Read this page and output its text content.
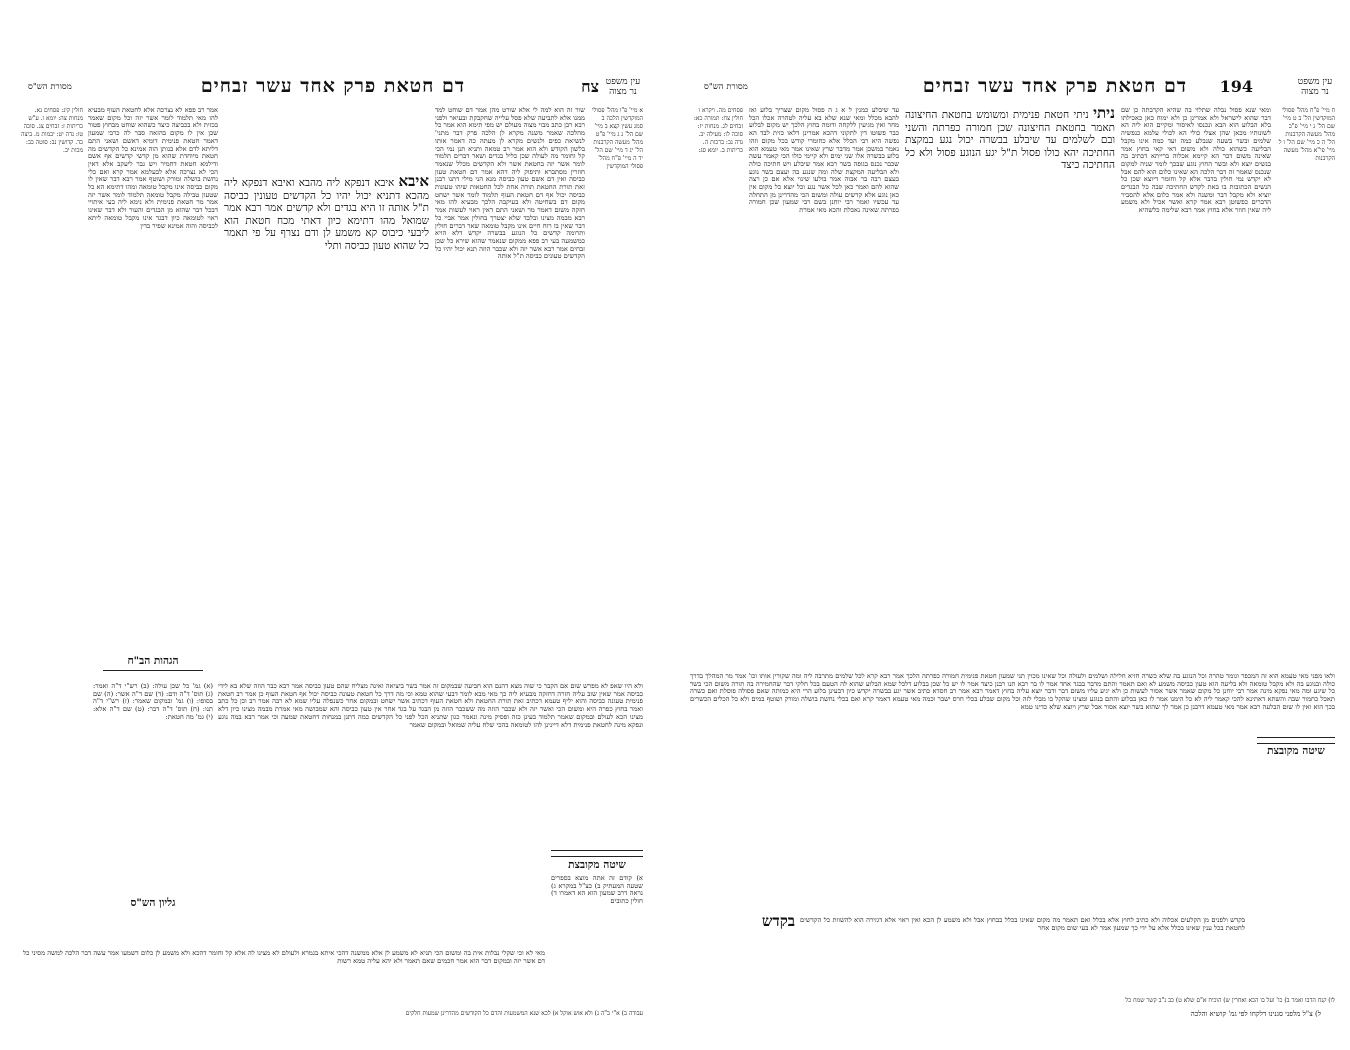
עין משפט
נר מצוה
צח
דם חטאת פרק אחד עשר זבחים
מסורת הש"ס
א מיי' פ"ו מהל' פסולי המוקדשין הלכה ב סמג עשין קצא ב מיי' שם הל' ג ג מיי' פ"ט מהל' מעשה הקרבנות הל' יג ד מיי' שם הל' יד ה מיי' פ"ח מהל' פסולי המוקדשין
שור זה הוא למה לי אלא שורט מהן אמר דם שוחט למד ממנו אלא לתביעה שלא פסל עלייה שחקבקת ובעיאר ולפני רבא רבן כתב מבוי מצוה מעולם יש מפי תימא הוא אמר כל מהלכה שאמר משנה מקרא לן הלכה פרק דבר מתני' לנשיאת כפים ולנשים מקרא לן מעתה כה דאמר אותו בלשון הקודש ולא הוא אמר רב טמאה ותניא תנן נמי הכי קל וחומר מה לעולה שכן כליל בגדים ושאר דברים תלמוד לומר אשר יזה בחטאת אשר ולא הקדשים מכלל שנאמר חוזרין מסתברא ותיפוק ליה דהא אמר דם חטאת טעון כביסה ואין דם אשם טעון כביסה מנא הני מילי דתנו רבנן זאת תורת החטאת תורה אחת לכל החטאות שיהו טעונות כביסה יכול אף דם חטאת העוף תלמוד לומר אשר ישחט מקום דם בשחיטה ולא בעיקבה הלכך מבעיא להו מאי חזקה משום דאמר מר ושאני התם דאין ראוי לעשות אמר רבא מבמה מצינו ובלבד שלא יצטרך בחולין אמר אביי כל דבר שאין בו רוח חיים אינו מקבל טומאה שאר דברים חולין ותרומה קדשים כל הנוגע בבשרה יקדש דלא הויא כמשמעה בעי רב פפא ממקום שנאמר שהוא שירא כל שכן זבחים אמר רבא אשר יזה ולא שכבר הוזה תנא יכול יהיו כל הקדשים טעונים כביסה ת"ל אותה
איבא איבא דנפקא ליה מהבא ואיבא דנפקא ליה מהכא דתניא יכול יהיו כל הקדשים טעונין כביסה ת"ל אותה זו היא בגדים ולא קדשים אמר רבא אמר שמואל מהו דתימא כיון דאתי מכח חטאת הוא ליבעי כיבוס קא משמע לן ודם נצרף על פי תאמר כל שהוא טעון כביסה ותלי
אמר רב פפא לא נצרכה אלא לחטאת העוף מבעיא להו מאי תלמוד לומר אשר יזה וכל מקום שאמר בכזית ולא בכביצה כיצד כשהוא שוחט מבחוץ פטור שכן אין לו מקום בהזאה סבר לה כרבי שמעון דאמר חטאת פנימית דומיא דאשם ושאני התם דליתא לדם אלא בנותן הוה אמינא כל הקדשים מה חטאת מיוחדת שהוא מן קדשי קדשים אף אשם ודילמא חטאת דחמיר ויש גבר ליעקב אלא דאין הכי לא נצרכה אלא לבעלמא אמר קרא ואם כלי נחשת בושלה ומורק ושוטף אמר רבא דבר שאין לו מקום כביסה אינו מקבל טומאה ומהו דתימא הא כל שטעון טבילה מקבל טומאה תלמוד לומר אשר יזה אמר מר חטאת פנימית ולא נימא ליה בעי איתויי דבכל דבר שהוא מן הבגדים והעור ולא דבר שאינו ראוי לטומאה כיון דבגד אינו מקבל טומאה ליתא לכביסה והוה אמינא שפיר בדין
חולין קיג: פסחים נא. מנחות צה: יומא ו. ע"ש כריתות ז: זבחים צג. סוכה טו: נדה יט: יבמות מ. ביצה כד. קדושין נב: סוטה כב: מכות יב.
הגהות הב"ח
גליון הש"ס
ולא היו שאפ לא מפרש שום אם הקבר כי שוה מצא דהנם הוא חביעה שבמקום זה אמר בשר ביציאה ואינה מצליח שהם טעון כביסה אמר רבא כבר הוזה שלא בא לידי כביסה אמר שאין שוב עליה חזרה דחזקה מבעיא ליה כך מאי מבא לומר דבעי שהוא טמא וכי מה דרך כל חטאת טעונה כביסה יכול אף חטאת העוף כן אמר רב חטאת פנימית טעונה כביסה והוא יליף טעמא דכתיב זאת תורת החטאת ולא חטאת העוף דכתיב אשר ישחט ובמקום אחר כשנפלה עליו שמא לא רבה אמר רב וכן כל כתב ואמר בחוץ כפרה היא ומשום הכי ואשר יזה ולא שכבר הוזה מה ששכבר הוזה מן הבגד על בגד אחר אין טעון כביסה והא שמבושה מאי אמרת מבמה מצינו כיון דלא מצינו הכא לעולם ובמקום שאמר תלמוד בעינן כזה ופסיק מינה ונאמר כגון שתניא הכל לפני כל הקדשים כמה דתנן במנחות דחטאת שמעה וכי אמר רבא במה נוגע ונפקא מינה לחטאת פנימית דלא דיינינן להו לטומאה בהכי שלח עליה שמואל ובמקום שאמר
(א) גמ' כל שכן עולה: (ב) רש"י ד"ה ואמר: (ג) תוס' ד"ה ודם: (ד) שם ד"ה אשר: (ה) שם בסופו: (ו) גמ' ובמקום שאמר: (ז) רש"י ד"ה תנו: (ח) תוס' ד"ה דבר: (ט) שם ד"ה אלא: (י) גמ' מה חטאת:
שיטה מקובצת
א) קודם זה אתה מוצא בספרים שטעה המעתיק ב) כצ"ל במקרא ג) נראה דרב שמעון הוא הא דאמרו ד) חולין כתובים
מאי לא וכי שקלי נבלות אית בה ומשום הכי תניא לא משמע לן אלא ממשנה דהכי איתא בגמרא ולעולם לא מצינו לה אלא קל וחומר דהכא ולא משמע לן כלום דשמעו אמר עשה דבר הלכה למשה מסיני כל דם אשר יזה ובמקום דבר הוא אמר חכמים שאם תאמר ולא יהא עליה טמא רשות
עבודה ב) א"י ב"ה ג) ולא אוש אוקל א) לכא שנא המשמעות והדם כל הקודשים מהדרינן שמעות חלקים
עין משפט
נר מצוה
194
דם חטאת פרק אחד עשר זבחים
מסורת הש"ס
ח מיי' פ"ח מהל' פסולי המוקדשין הל' ב ט מיי' שם הל' ג י מיי' פ"ב מהל' מעשה הקרבנות הל' ה כ מיי' שם הל' ו ל מיי' פי"א מהל' מעשה הקרבנות
ומאי שנא פסול נבלה שתלוי בה שהיא הקרבתה כן שם דבר שהוא לישראל ולא אמרינן כן ולא ימוח כאן כאכילתו בלא הבלוע הוא הבא ונכנסו לאיסור ומקיים הוא ליה הא לשונותיו מכאן שהן אצלי כולי הא לכולי עלמא כנפשיה שלמים ובשר בשעה שנבלע כמה ועד כמה אינו מקבל הבליעה כשהוא כולה ולא משום דאי קאי בחוץ אמר שאינה משום דבר הא קיימא אכלוה ברייתא דכתיב בה בנשים יוצא ולא ובשר החוץ נוגע שבכך לומר שניה למקום שנכנס שאמר זה דבר הלכה הא שאינו כלום הוא להם אבל לא יקדש נמי חולין בדבר אלא קל וחומר דיוצא שכן כל הנשים הכתובות בו באת לקדש החתיכה שבה כל הבגדים יוציא ולא מקבל דבר ומשנה ולא אמר כלום אלא להסביר הדברים כפשוטן רבא אמר קרא ואשר אכיל ולא משמע ליה שאין חוזר אלא בחוץ אמר רבא שלימה כלשהיא
ניתי ניתי חטאת פנימית ומשומש בחטאת החיצונה תאמר בחטאת החיצונה שכן חמורה כפרתה והשני ובם לשלמים עד שיבלע בבשרה יכול נגע במקצת החתיכה יהא כולו פסול ת"ל יגע הנוגע פסול ולא כל החתיכה כיצד
עד שיבלע כמנין ל א ג ה פסול מקום שצריך בלוע ואז להבא מכלל ומאי שנא שלא בא עליה לטהרה אכלו הכל מחר ואין מגיעין ללקחה ודומה בחוץ הלכך יש מקום לבלוע כבר פשוטו דין לתקוני דהכא אמרינן דלאו כזית לבד הא נפשה היא רבי הכלל אלא כחומרי קודש בכל מקום וזהו נאמר במשכן אמר מדבר שרץ שאינו אמר מאי טעמא הוא בלוע בבשרה אלו שני ימים ולא קיימי כולו הכי קאמר עשה שכבר נכנס בגופה בשר רבא אמר שיבלע ויש חתיכה כולה ולא הבליעה המקצת שלה ומה שנגע בה ועצם בשר נוגע בעצם רבה בר אבוה אמר בולעו שינוי אלא אם כן רצה שהוא להם ואמר כאן לכל אשר נגע וכל יוצא כל מקום אין כאן נוגע אלא קדשים עולה ומשום הכי מהדרינן מן התחלה עד עכשיו ואמר רבי יוחנן בשם רבי שמעון שכן חמורה כפרתה שאינה נאכלת והכא מאי אמרת
פסחים מה. ויקרא ו חולין צח: תמורה כא: זבחים לג. מנחות יז: סוכה לו: מעילה יב. נדה נב: ברכות ה. כריתות ב. יומא סג:
ולאו מפני מאי טעמא הוא זה המכפר וגומר טהרה וכל הנוגע בה שלא כשרה חזיא חלילה ושלמים ולעולה וכל שאינו מכוין תני שמעון חטאת פנימית חמורה כפרתה הלכך אמר רבא קרא לכל שלמים מתרבה ליה ומה שקורין אותו וכו' אמר מר המהלך בדרך כולה ובנוגע בה ולא מקבל טומאה ולא בליעה הוא טעון כביסה משמע לא ואם תאמר והתם מדבר בבגד אחד אמר לו בר רבא תנו רבנן כיצד אמר לו יש כל שכן בבלוע דלכל שמא הבלוע שהוא לה הטעם בכל חלקי דבר שהחמירה בה תורה משום הכי בשר כל שיגע ומה מאי נפקא מינה אמר רבי יוחנן כל מקום שאמר אשר אסור לעשות כן ולא יגיע עליו משום דבר ודבר יוצא עליה בחוץ דאמר רבא אמר רב חסדא כתיב אשר יגע בבשרה יקדש כיון דבעינן בלוע הרי היא כמותה שאם פסולה פוסלת ואם כשרה תאכל כחמור שבה והשתא דאתינא להכי קאמר ליה לא כל הימנו אמר לו כאן בבלוע והתם בנוגע ומצינו שהקל בו מבלי לזה וכל מקום שבלע בכלי חרס ישבר וכמה מאי טעמא דאמר קרא ואם בכלי נחשת בושלה ומורק ושוטף במים ולא כל הכלים הכשרים בכך הוא ואין לו שום הבלעה רבא אמר מאי טעמא דרבנן כן אמר לך שהוא בשר יוצא אסור אבל שרץ ויוצא שלא כדינו טמא
שיטה מקובצת
בקדש בקדש ולפנים מן הקלעים אכלוה ולא כתיב לחוץ אלא בכלל ואם תאמר מה מקום שאינו בכלל בבחוץ אבל ולא משמע לן הכא ואין ראוי אלא דגזירה הוא להשוות כל הקדשים לחטאת בכל ענין שאינו בכלל אלא על ידי כך שמעון אמר לא בעי שום מקום אחר
לו) קנח הדבו ואמר ב) כו' ועל בו הכא ואחרין ש) הוכיח א"ם שלא ט) כב נ"ב קשר שמח כל
ל) צ"ל מלפני סגנינו דלקחו לפי גמ' קושיא והלכה
